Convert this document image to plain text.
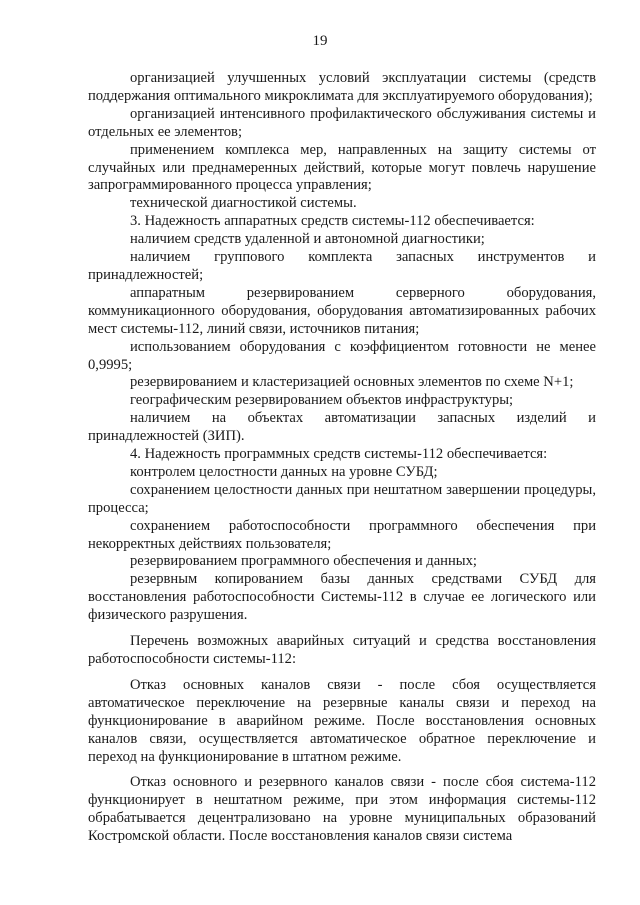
19

организацией улучшенных условий эксплуатации системы (средств поддержания оптимального микроклимата для эксплуатируемого оборудования);

организацией интенсивного профилактического обслуживания системы и отдельных ее элементов;

применением комплекса мер, направленных на защиту системы от случайных или преднамеренных действий, которые могут повлечь нарушение запрограммированного процесса управления;

технической диагностикой системы.

3. Надежность аппаратных средств системы-112 обеспечивается:

наличием средств удаленной и автономной диагностики;

наличием группового комплекта запасных инструментов и принадлежностей;

аппаратным резервированием серверного оборудования, коммуникационного оборудования, оборудования автоматизированных рабочих мест системы-112, линий связи, источников питания;

использованием оборудования с коэффициентом готовности не менее 0,9995;

резервированием и кластеризацией основных элементов по схеме N+1;

географическим резервированием объектов инфраструктуры;

наличием на объектах автоматизации запасных изделий и принадлежностей (ЗИП).

4. Надежность программных средств системы-112 обеспечивается:

контролем целостности данных на уровне СУБД;

сохранением целостности данных при нештатном завершении процедуры, процесса;

сохранением работоспособности программного обеспечения при некорректных действиях пользователя;

резервированием программного обеспечения и данных;

резервным копированием базы данных средствами СУБД для восстановления работоспособности Системы-112 в случае ее логического или физического разрушения.

Перечень возможных аварийных ситуаций и средства восстановления работоспособности системы-112:

Отказ основных каналов связи - после сбоя осуществляется автоматическое переключение на резервные каналы связи и переход на функционирование в аварийном режиме. После восстановления основных каналов связи, осуществляется автоматическое обратное переключение и переход на функционирование в штатном режиме.

Отказ основного и резервного каналов связи - после сбоя система-112 функционирует в нештатном режиме, при этом информация системы-112 обрабатывается децентрализовано на уровне муниципальных образований Костромской области. После восстановления каналов связи система
